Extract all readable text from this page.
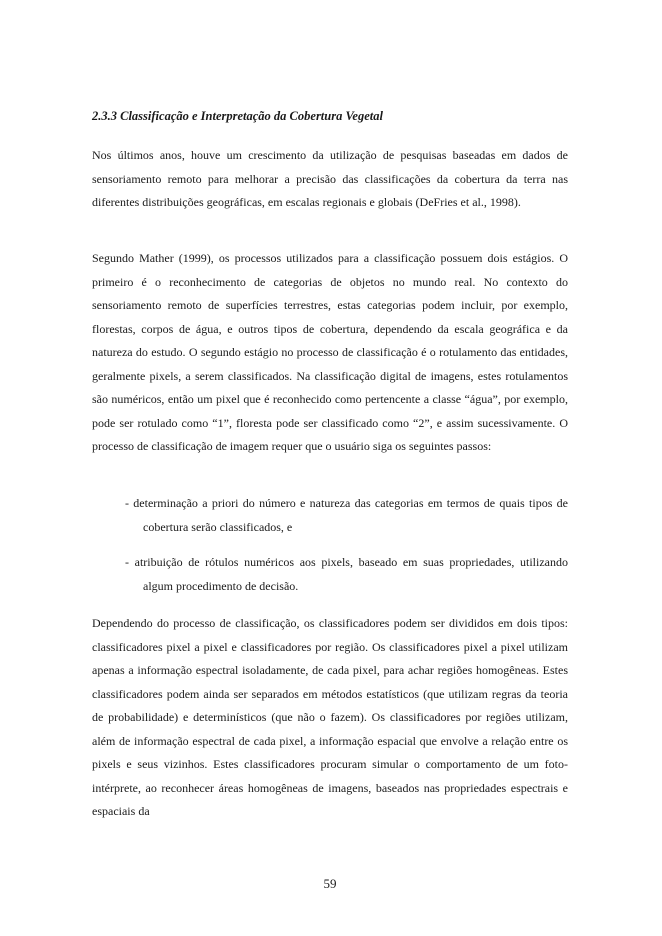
2.3.3 Classificação e Interpretação da Cobertura Vegetal

Nos últimos anos, houve um crescimento da utilização de pesquisas baseadas em dados de sensoriamento remoto para melhorar a precisão das classificações da cobertura da terra nas diferentes distribuições geográficas, em escalas regionais e globais (DeFries et al., 1998).

Segundo Mather (1999), os processos utilizados para a classificação possuem dois estágios. O primeiro é o reconhecimento de categorias de objetos no mundo real. No contexto do sensoriamento remoto de superfícies terrestres, estas categorias podem incluir, por exemplo, florestas, corpos de água, e outros tipos de cobertura, dependendo da escala geográfica e da natureza do estudo. O segundo estágio no processo de classificação é o rotulamento das entidades, geralmente pixels, a serem classificados. Na classificação digital de imagens, estes rotulamentos são numéricos, então um pixel que é reconhecido como pertencente a classe “água”, por exemplo, pode ser rotulado como “1”, floresta pode ser classificado como “2”, e assim sucessivamente. O processo de classificação de imagem requer que o usuário siga os seguintes passos:

- determinação a priori do número e natureza das categorias em termos de quais tipos de cobertura serão classificados, e
- atribuição de rótulos numéricos aos pixels, baseado em suas propriedades, utilizando algum procedimento de decisão.

Dependendo do processo de classificação, os classificadores podem ser divididos em dois tipos: classificadores pixel a pixel e classificadores por região. Os classificadores pixel a pixel utilizam apenas a informação espectral isoladamente, de cada pixel, para achar regiões homogêneas. Estes classificadores podem ainda ser separados em métodos estatísticos (que utilizam regras da teoria de probabilidade) e determinísticos (que não o fazem). Os classificadores por regiões utilizam, além de informação espectral de cada pixel, a informação espacial que envolve a relação entre os pixels e seus vizinhos. Estes classificadores procuram simular o comportamento de um foto-intérprete, ao reconhecer áreas homogêneas de imagens, baseados nas propriedades espectrais e espaciais da

59
